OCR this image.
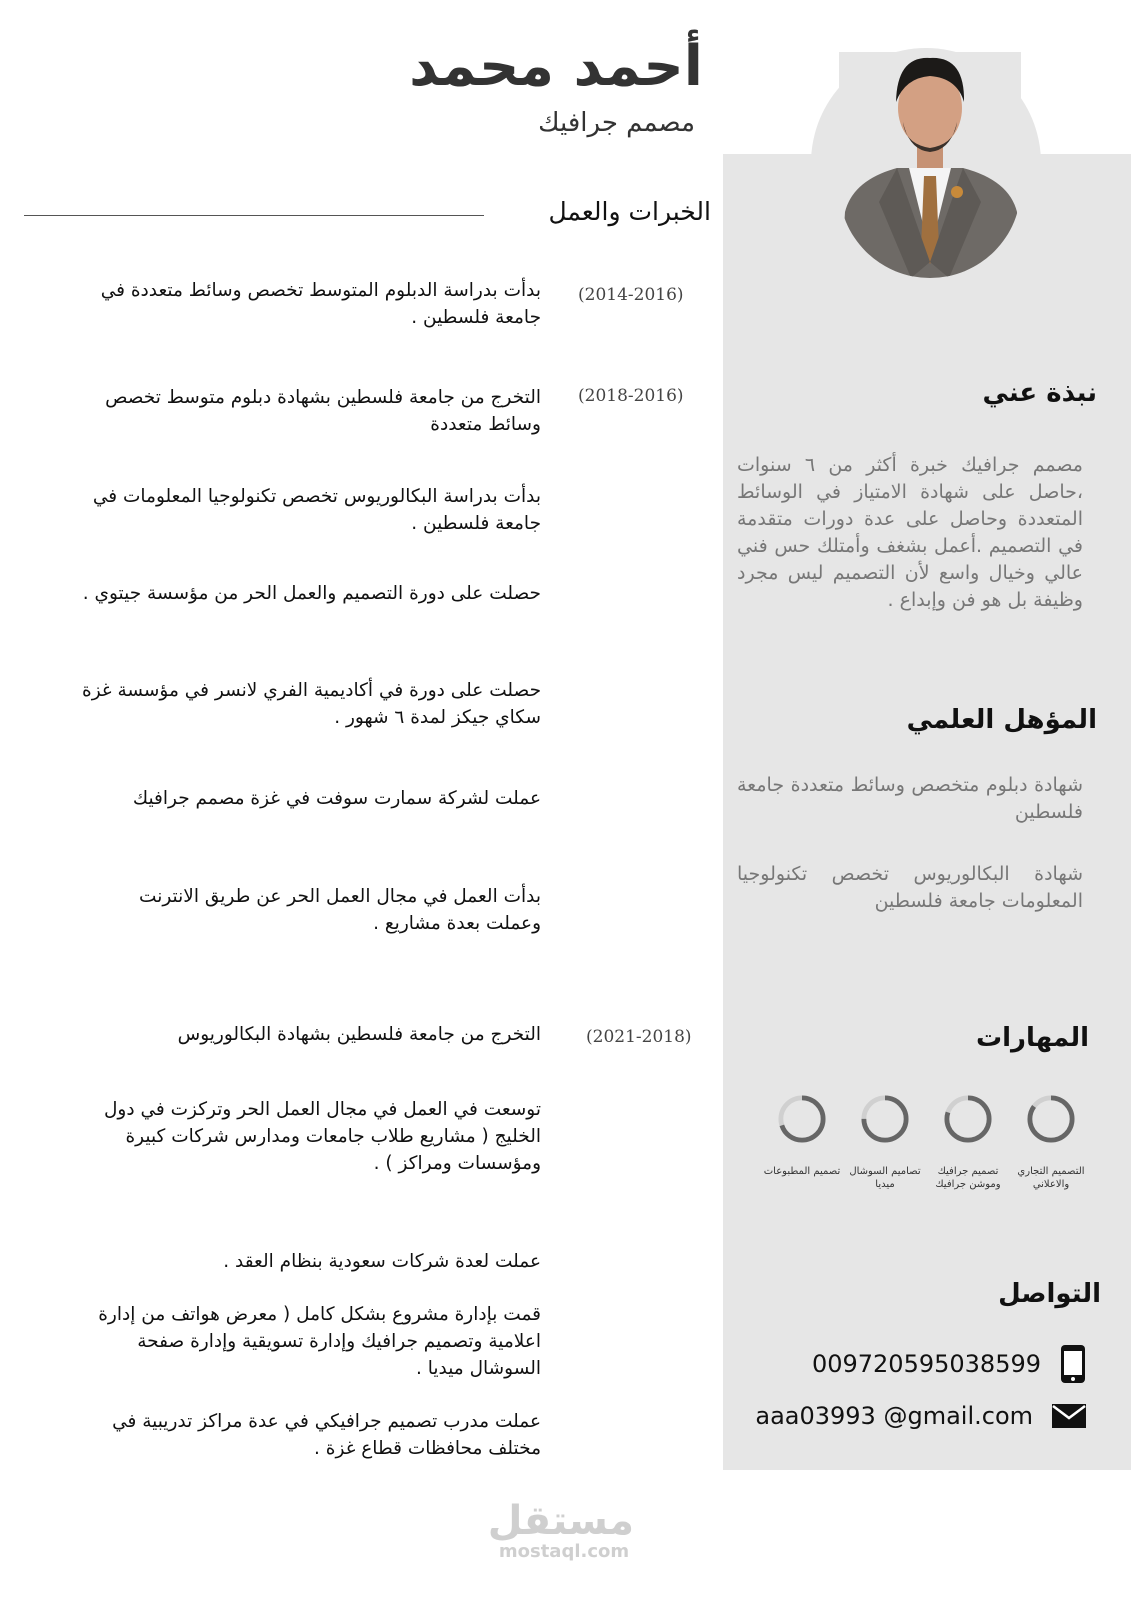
أحمد محمد
مصمم جرافيك
الخبرات والعمل
(2014-2016)
(2018-2016)
(2021-2018)
بدأت بدراسة الدبلوم المتوسط تخصص وسائط متعددة في جامعة فلسطين .
التخرج من جامعة فلسطين بشهادة دبلوم متوسط تخصص وسائط متعددة
بدأت بدراسة البكالوريوس تخصص تكنولوجيا المعلومات في جامعة فلسطين .
حصلت على دورة التصميم والعمل الحر من مؤسسة جيتوي .
حصلت على دورة في أكاديمية الفري لانسر في مؤسسة غزة سكاي جيكز لمدة ٦ شهور .
عملت لشركة سمارت سوفت في غزة مصمم جرافيك
بدأت العمل في مجال العمل الحر عن طريق الانترنت وعملت بعدة مشاريع .
التخرج من جامعة فلسطين بشهادة البكالوريوس
توسعت في العمل في مجال العمل الحر وتركزت في دول الخليج ( مشاريع طلاب جامعات ومدارس شركات كبيرة ومؤسسات ومراكز ) .
عملت لعدة شركات سعودية بنظام العقد .
قمت بإدارة مشروع بشكل كامل ( معرض هواتف من إدارة اعلامية وتصميم جرافيك وإدارة تسويقية وإدارة صفحة السوشال ميديا .
عملت مدرب تصميم جرافيكي في عدة مراكز تدريبية في مختلف محافظات قطاع غزة .
نبذة عني
مصمم جرافيك خبرة أكثر من ٦ سنوات ،حاصل على شهادة الامتياز في الوسائط المتعددة وحاصل على عدة دورات متقدمة في التصميم .أعمل بشغف وأمتلك حس فني عالي وخيال واسع لأن التصميم ليس مجرد وظيفة بل هو فن وإبداع .
المؤهل العلمي
شهادة دبلوم متخصص وسائط متعددة جامعة فلسطين
شهادة البكالوريوس تخصص تكنولوجيا المعلومات جامعة فلسطين
المهارات
التصميم التجاري والاعلاني
تصميم جرافيك وموشن جرافيك
تصاميم السوشال ميديا
تصميم المطبوعات
التواصل
009720595038599
aaa03993 @gmail.com
مستقل
mostaql.com
